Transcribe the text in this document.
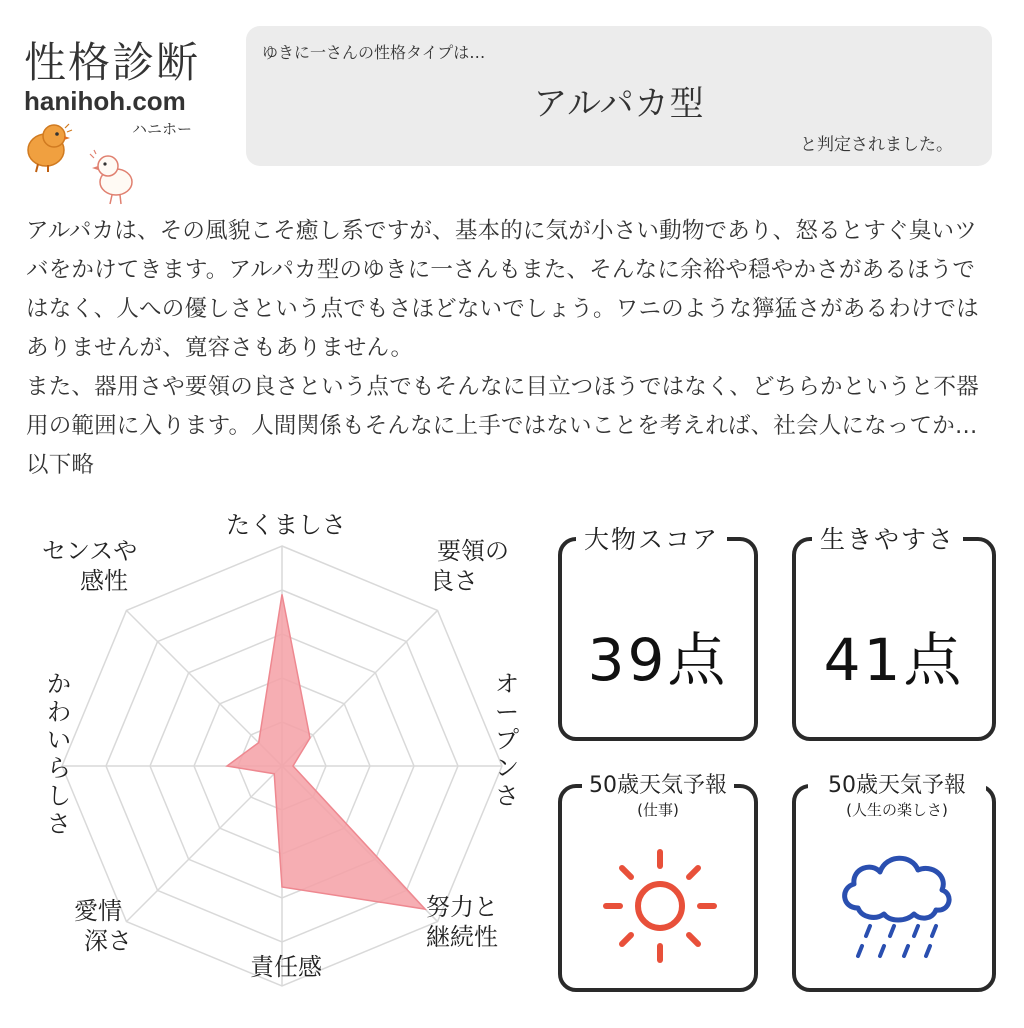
性格診断
hanihoh.com
ハニホー
ゆきに一さんの性格タイプは…
アルパカ型
と判定されました。

アルパカは、その風貌こそ癒し系ですが、基本的に気が小さい動物であり、怒るとすぐ臭いツバをかけてきます。アルパカ型のゆきに一さんもまた、そんなに余裕や穏やかさがあるほうではなく、人への優しさという点でもさほどないでしょう。ワニのような獰猛さがあるわけではありませんが、寛容さもありません。

また、器用さや要領の良さという点でもそんなに目立つほうではなく、どちらかというと不器用の範囲に入ります。人間関係もそんなに上手ではないことを考えれば、社会人になってか…以下略

たくましさ
要領の
良さ
オ
ー
プ
ン
さ
努力と
継続性
責任感
愛情
深さ
か
わ
い
ら
し
さ
センスや
感性
39点
大物スコア
41点
生きやすさ
50歳天気予報
(仕事)
50歳天気予報
(人生の楽しさ)
